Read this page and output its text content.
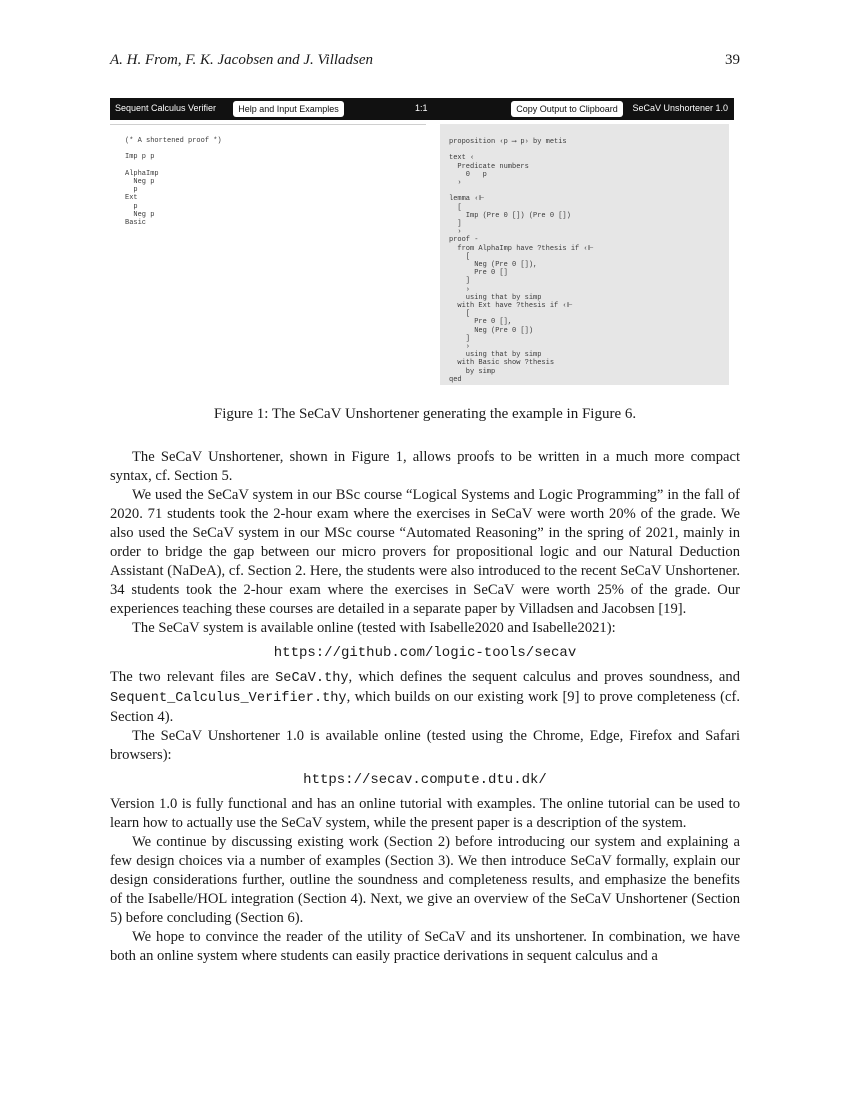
A. H. From, F. K. Jacobsen and J. Villadsen	39
Sequent Calculus Verifier	Help and Input Examples	1:1	Copy Output to Clipboard	SeCaV Unshortener 1.0
(* A shortened proof *)

Imp p p

AlphaImp
Neg p
p
Ext
p
Neg p
Basic
proposition ‹p ⟶ p› by metis

text ‹
Predicate numbers
0   p
›

lemma ‹⊩
[
Imp (Pre 0 []) (Pre 0 [])
]
›
proof -
from AlphaImp have ?thesis if ‹⊩
[
Neg (Pre 0 []),
Pre 0 []
]
›
using that by simp
with Ext have ?thesis if ‹⊩
[
Pre 0 [],
Neg (Pre 0 [])
]
›
using that by simp
with Basic show ?thesis
by simp
qed
Figure 1: The SeCaV Unshortener generating the example in Figure 6.

The SeCaV Unshortener, shown in Figure 1, allows proofs to be written in a much more compact syntax, cf. Section 5.

We used the SeCaV system in our BSc course “Logical Systems and Logic Programming” in the fall of 2020. 71 students took the 2-hour exam where the exercises in SeCaV were worth 20% of the grade. We also used the SeCaV system in our MSc course “Automated Reasoning” in the spring of 2021, mainly in order to bridge the gap between our micro provers for propositional logic and our Natural Deduction Assistant (NaDeA), cf. Section 2. Here, the students were also introduced to the recent SeCaV Unshortener. 34 students took the 2-hour exam where the exercises in SeCaV were worth 25% of the grade. Our experiences teaching these courses are detailed in a separate paper by Villadsen and Jacobsen [19].

The SeCaV system is available online (tested with Isabelle2020 and Isabelle2021):

https://github.com/logic-tools/secav

The two relevant files are SeCaV.thy, which defines the sequent calculus and proves soundness, and Sequent_Calculus_Verifier.thy, which builds on our existing work [9] to prove completeness (cf. Section 4).

The SeCaV Unshortener 1.0 is available online (tested using the Chrome, Edge, Firefox and Safari browsers):

https://secav.compute.dtu.dk/

Version 1.0 is fully functional and has an online tutorial with examples. The online tutorial can be used to learn how to actually use the SeCaV system, while the present paper is a description of the system.

We continue by discussing existing work (Section 2) before introducing our system and explaining a few design choices via a number of examples (Section 3). We then introduce SeCaV formally, explain our design considerations further, outline the soundness and completeness results, and emphasize the benefits of the Isabelle/HOL integration (Section 4). Next, we give an overview of the SeCaV Unshortener (Section 5) before concluding (Section 6).

We hope to convince the reader of the utility of SeCaV and its unshortener. In combination, we have both an online system where students can easily practice derivations in sequent calculus and a
